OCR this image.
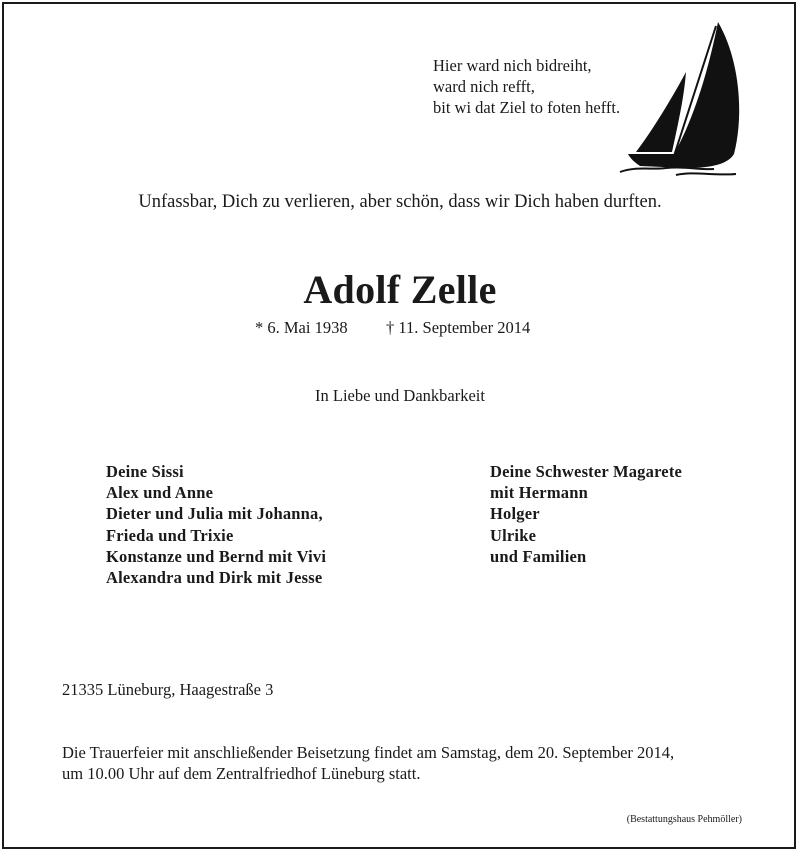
Hier ward nich bidreiht,
ward nich refft,
bit wi dat Ziel to foten hefft.
Unfassbar, Dich zu verlieren, aber schön, dass wir Dich haben durften.
Adolf Zelle
* 6. Mai 1938 † 11. September 2014
In Liebe und Dankbarkeit
Deine Sissi
Alex und Anne
Dieter und Julia mit Johanna,
Frieda und Trixie
Konstanze und Bernd mit Vivi
Alexandra und Dirk mit Jesse
Deine Schwester Magarete
mit Hermann
Holger
Ulrike
und Familien
21335 Lüneburg, Haagestraße 3
Die Trauerfeier mit anschließender Beisetzung findet am Samstag, dem 20. September 2014,
um 10.00 Uhr auf dem Zentralfriedhof Lüneburg statt.
(Bestattungshaus Pehmöller)
